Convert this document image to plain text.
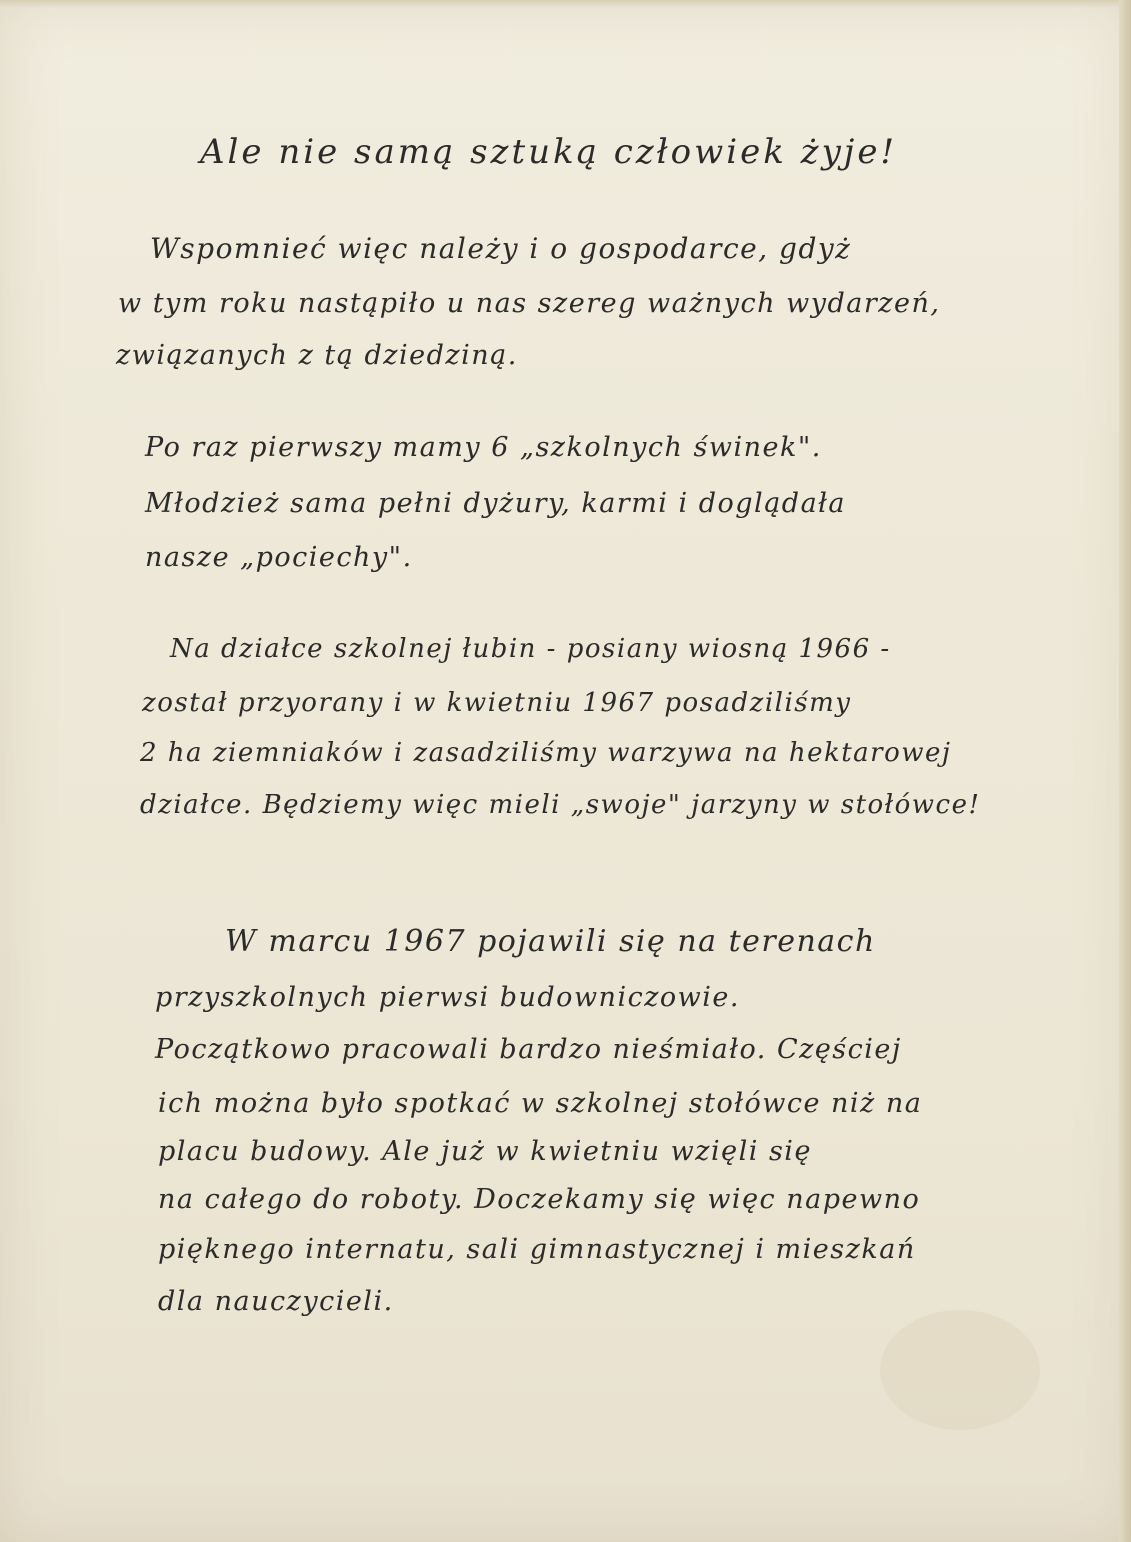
Ale nie samą sztuką człowiek żyje!
Wspomnieć więc należy i o gospodarce, gdyż
w tym roku nastąpiło u nas szereg ważnych wydarzeń,
związanych z tą dziedziną.
Po raz pierwszy mamy 6 „szkolnych świnek".
Młodzież sama pełni dyżury, karmi i doglądała
nasze „pociechy".
Na działce szkolnej łubin - posiany wiosną 1966 -
został przyorany i w kwietniu 1967 posadziliśmy
2 ha ziemniaków i zasadziliśmy warzywa na hektarowej
działce. Będziemy więc mieli „swoje" jarzyny w stołówce!
W marcu 1967 pojawili się na terenach
przyszkolnych pierwsi budowniczowie.
Początkowo pracowali bardzo nieśmiało. Częściej
ich można było spotkać w szkolnej stołówce niż na
placu budowy. Ale już w kwietniu wzięli się
na całego do roboty. Doczekamy się więc napewno
pięknego internatu, sali gimnastycznej i mieszkań
dla nauczycieli.
